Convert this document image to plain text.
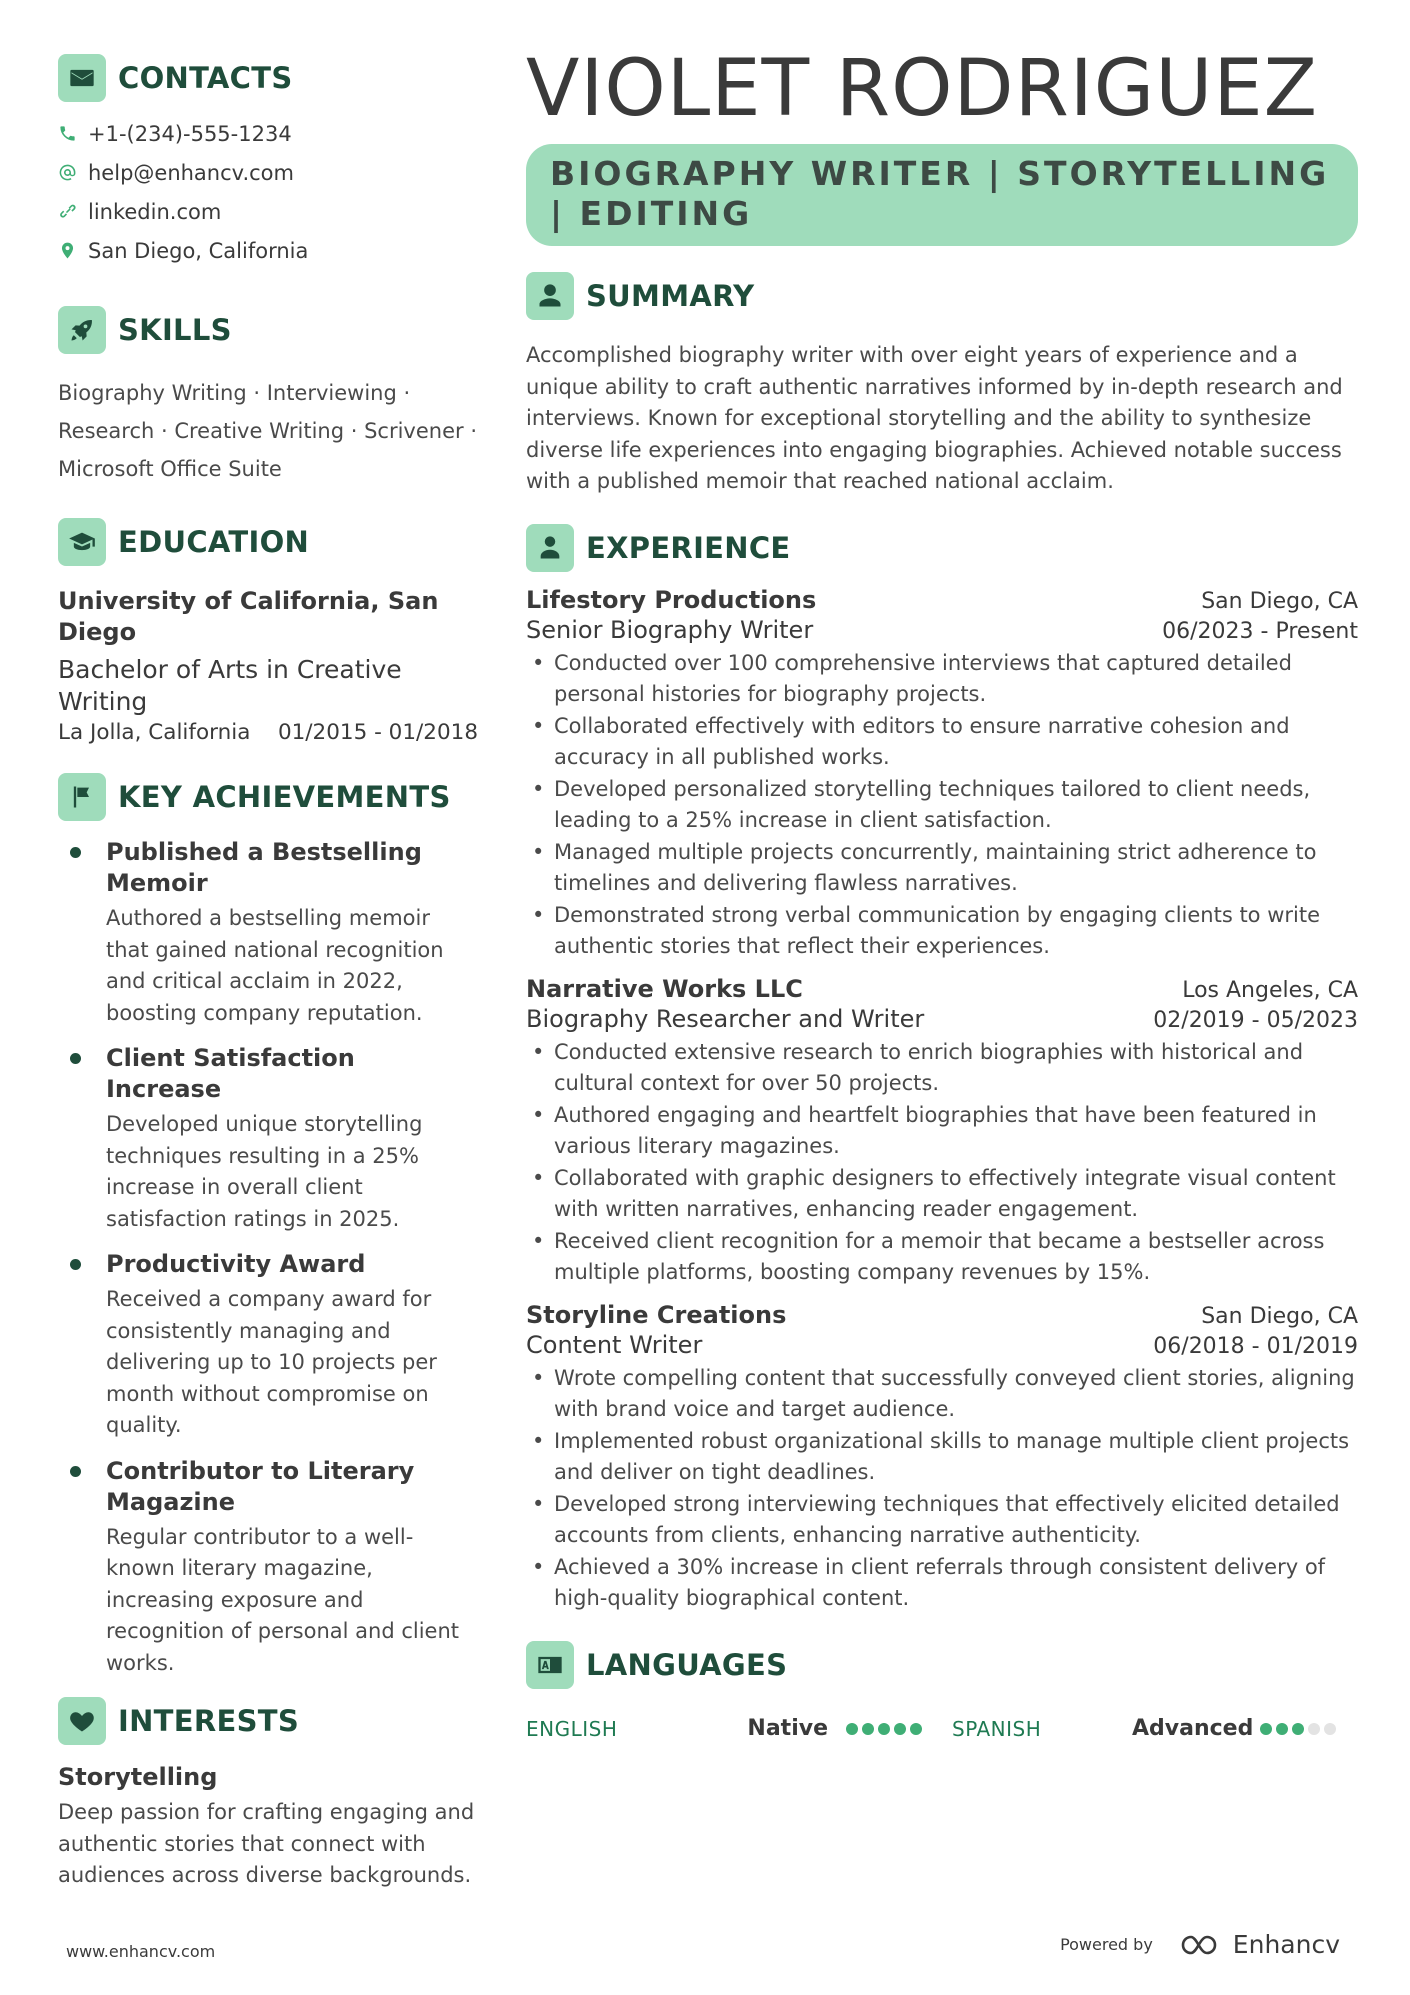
CONTACTS
+1-(234)-555-1234
help@enhancv.com
linkedin.com
San Diego, California
SKILLS
Biography Writing · Interviewing ·
Research · Creative Writing · Scrivener ·
Microsoft Office Suite
EDUCATION
University of California, San Diego
Bachelor of Arts in Creative Writing
La Jolla, California 01/2015 - 01/2018
KEY ACHIEVEMENTS
Published a Bestselling Memoir
Authored a bestselling memoir that gained national recognition and critical acclaim in 2022, boosting company reputation.
Client Satisfaction Increase
Developed unique storytelling techniques resulting in a 25% increase in overall client satisfaction ratings in 2025.
Productivity Award
Received a company award for consistently managing and delivering up to 10 projects per month without compromise on quality.
Contributor to Literary Magazine
Regular contributor to a well-known literary magazine, increasing exposure and recognition of personal and client works.
INTERESTS
Storytelling
Deep passion for crafting engaging and authentic stories that connect with audiences across diverse backgrounds.
VIOLET RODRIGUEZ
BIOGRAPHY WRITER | STORYTELLING | EDITING
SUMMARY
Accomplished biography writer with over eight years of experience and a unique ability to craft authentic narratives informed by in-depth research and interviews. Known for exceptional storytelling and the ability to synthesize diverse life experiences into engaging biographies. Achieved notable success with a published memoir that reached national acclaim.
EXPERIENCE
Lifestory Productions	San Diego, CA
Senior Biography Writer	06/2023 - Present
• Conducted over 100 comprehensive interviews that captured detailed personal histories for biography projects.
• Collaborated effectively with editors to ensure narrative cohesion and accuracy in all published works.
• Developed personalized storytelling techniques tailored to client needs, leading to a 25% increase in client satisfaction.
• Managed multiple projects concurrently, maintaining strict adherence to timelines and delivering flawless narratives.
• Demonstrated strong verbal communication by engaging clients to write authentic stories that reflect their experiences.
Narrative Works LLC	Los Angeles, CA
Biography Researcher and Writer	02/2019 - 05/2023
• Conducted extensive research to enrich biographies with historical and cultural context for over 50 projects.
• Authored engaging and heartfelt biographies that have been featured in various literary magazines.
• Collaborated with graphic designers to effectively integrate visual content with written narratives, enhancing reader engagement.
• Received client recognition for a memoir that became a bestseller across multiple platforms, boosting company revenues by 15%.
Storyline Creations	San Diego, CA
Content Writer	06/2018 - 01/2019
• Wrote compelling content that successfully conveyed client stories, aligning with brand voice and target audience.
• Implemented robust organizational skills to manage multiple client projects and deliver on tight deadlines.
• Developed strong interviewing techniques that effectively elicited detailed accounts from clients, enhancing narrative authenticity.
• Achieved a 30% increase in client referrals through consistent delivery of high-quality biographical content.
LANGUAGES
ENGLISH	Native	SPANISH	Advanced
www.enhancv.com	Powered by	Enhancv
